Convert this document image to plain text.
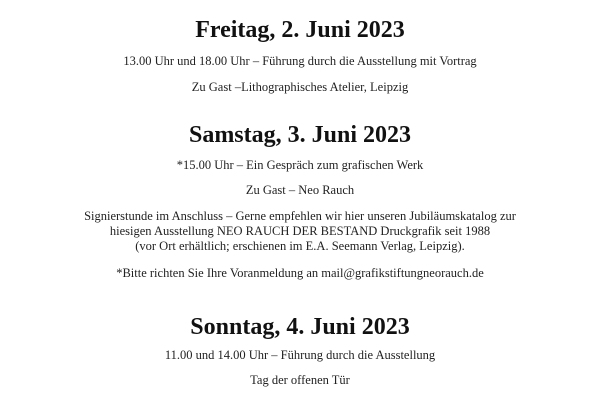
Freitag, 2. Juni 2023
13.00 Uhr und 18.00 Uhr – Führung durch die Ausstellung mit Vortrag
Zu Gast –Lithographisches Atelier, Leipzig
Samstag, 3. Juni 2023
*15.00 Uhr – Ein Gespräch zum grafischen Werk
Zu Gast – Neo Rauch
Signierstunde im Anschluss – Gerne empfehlen wir hier unseren Jubiläumskatalog zur
hiesigen Ausstellung NEO RAUCH DER BESTAND Druckgrafik seit 1988
(vor Ort erhältlich; erschienen im E.A. Seemann Verlag, Leipzig).
*Bitte richten Sie Ihre Voranmeldung an mail@grafikstiftungneorauch.de
Sonntag, 4. Juni 2023
11.00 und 14.00 Uhr – Führung durch die Ausstellung
Tag der offenen Tür
